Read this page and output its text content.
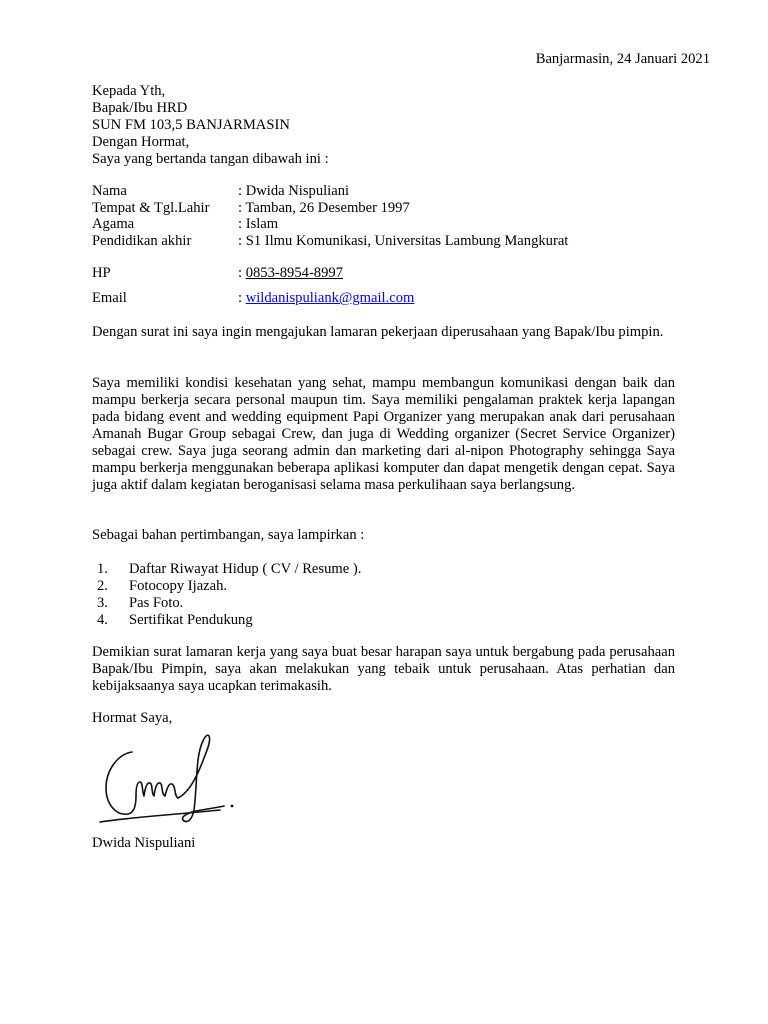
Banjarmasin, 24 Januari 2021
Kepada Yth,
Bapak/Ibu HRD
SUN FM 103,5 BANJARMASIN
Dengan Hormat,
Saya yang bertanda tangan dibawah ini :
Nama	: Dwida Nispuliani
Tempat & Tgl.Lahir	: Tamban, 26 Desember 1997
Agama	: Islam
Pendidikan akhir	: S1 Ilmu Komunikasi, Universitas Lambung Mangkurat
HP	: 0853-8954-8997
Email	: wildanispuliank@gmail.com
Dengan surat ini saya ingin mengajukan lamaran pekerjaan diperusahaan yang Bapak/Ibu pimpin.
Saya memiliki kondisi kesehatan yang sehat, mampu membangun komunikasi dengan baik dan mampu berkerja secara personal maupun tim. Saya memiliki pengalaman praktek kerja lapangan pada bidang event and wedding equipment Papi Organizer yang merupakan anak dari perusahaan Amanah Bugar Group sebagai Crew, dan juga di Wedding organizer (Secret Service Organizer) sebagai crew. Saya juga seorang admin dan marketing dari al-nipon Photography sehingga Saya mampu berkerja menggunakan beberapa aplikasi komputer dan dapat mengetik dengan cepat. Saya juga aktif dalam kegiatan beroganisasi selama masa perkulihaan saya berlangsung.
Sebagai bahan pertimbangan, saya lampirkan :
1.	Daftar Riwayat Hidup ( CV / Resume ).
2.	Fotocopy Ijazah.
3.	Pas Foto.
4.	Sertifikat Pendukung
Demikian surat lamaran kerja yang saya buat besar harapan saya untuk bergabung pada perusahaan Bapak/Ibu Pimpin, saya akan melakukan yang tebaik untuk perusahaan. Atas perhatian dan kebijaksaanya saya ucapkan terimakasih.
Hormat Saya,
Dwida Nispuliani
